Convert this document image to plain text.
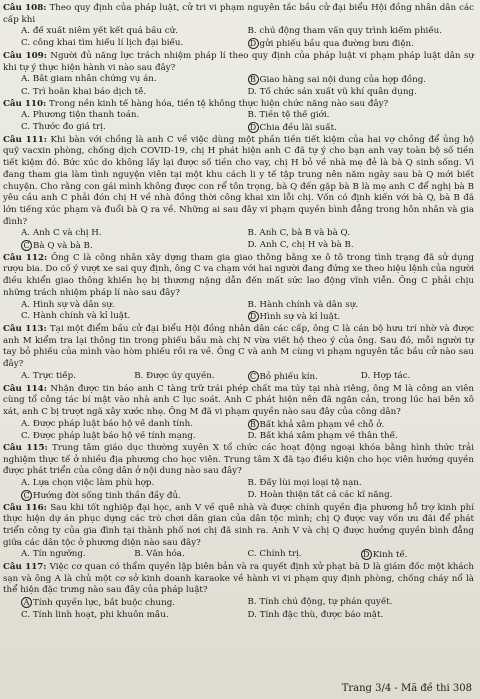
Câu 108: Theo quy định của pháp luật, cử tri vi phạm nguyên tắc bầu cử đại biểu Hội đồng nhân dân các cấp khi
A. để xuất niêm yết kết quả bầu cử.	B. chủ động tham vấn quy trình kiểm phiếu.
C. công khai tìm hiểu lí lịch đại biểu.	D gửi phiếu bầu qua đường bưu điện.
Câu 109: Người đủ năng lực trách nhiệm pháp lí theo quy định của pháp luật vi phạm pháp luật dân sự khi tự ý thực hiện hành vi nào sau đây?
A. Bắt giam nhân chứng vụ án.	B Giao hàng sai nội dung của hợp đồng.
C. Trì hoãn khai báo dịch tễ.	D. Tổ chức sản xuất vũ khí quân dụng.
Câu 110: Trong nền kinh tế hàng hóa, tiền tệ không thực hiện chức năng nào sau đây?
A. Phương tiện thanh toán.	B. Tiền tệ thế giới.
C. Thước đo giá trị.	D Chia đều lãi suất.
Câu 111: Khi bàn với chồng là anh C về việc dùng một phần tiền tiết kiệm của hai vợ chồng để ủng hộ quỹ vacxin phòng, chống dịch COVID-19, chị H phát hiện anh C đã tự ý cho bạn anh vay toàn bộ số tiền tiết kiệm đó. Bức xúc do không lấy lại được số tiền cho vay, chị H bỏ về nhà mẹ đẻ là bà Q sinh sống. Vì đang tham gia làm tình nguyện viên tại một khu cách li y tế tập trung nên năm ngày sau bà Q mới biết chuyện. Cho rằng con gái mình không được con rể tôn trọng, bà Q đến gặp bà B là mẹ anh C để nghị bà B yêu cầu anh C phải đón chị H về nhà đồng thời công khai xin lỗi chị. Vốn có định kiến với bà Q, bà B đã lớn tiếng xúc phạm và đuổi bà Q ra về. Những ai sau đây vi phạm quyền bình đẳng trong hôn nhân và gia đình?
A. Anh C và chị H.	B. Anh C, bà B và bà Q.
C Bà Q và bà B.	D. Anh C, chị H và bà B.
Câu 112: Ông C là công nhân xây dựng tham gia giao thông bằng xe ô tô trong tình trạng đã sử dụng rượu bia. Do cố ý vượt xe sai quy định, ông C va chạm với hai người đang đứng xe theo hiệu lệnh của người điều khiển giao thông khiến họ bị thương nặng dẫn đến mất sức lao động vĩnh viễn. Ông C phải chịu những trách nhiệm pháp lí nào sau đây?
A. Hình sự và dân sự.	B. Hành chính và dân sự.
C. Hành chính và kỉ luật.	D Hình sự và kỉ luật.
Câu 113: Tại một điểm bầu cử đại biểu Hội đồng nhân dân các cấp, ông C là cán bộ hưu trí nhờ và được anh M kiểm tra lại thông tin trong phiếu bầu mà chị N vừa viết hộ theo ý của ông. Sau đó, mỗi người tự tay bỏ phiếu của mình vào hòm phiếu rồi ra về. Ông C và anh M cùng vi phạm nguyên tắc bầu cử nào sau đây?
A. Trực tiếp.	B. Được ủy quyền.	C Bỏ phiếu kín.	D. Hợp tác.
Câu 114: Nhận được tin báo anh C tàng trữ trái phép chất ma túy tại nhà riêng, ông M là công an viên cùng tổ công tác bí mật vào nhà anh C lục soát. Anh C phát hiện nên đã ngăn cản, trong lúc hai bên xô xát, anh C bị trượt ngã xây xước nhẹ. Ông M đã vi phạm quyền nào sau đây của công dân?
A. Được pháp luật bảo hộ về danh tính.	B Bất khả xâm phạm về chỗ ở.
C. Được pháp luật bảo hộ về tính mạng.	D. Bất khả xâm phạm về thân thể.
Câu 115: Trung tâm giáo dục thường xuyên X tổ chức các hoạt động ngoại khóa bằng hình thức trải nghiệm thực tế ở nhiều địa phương cho học viên. Trung tâm X đã tạo điều kiện cho học viên hướng quyền được phát triển của công dân ở nội dung nào sau đây?
A. Lựa chọn việc làm phù hợp.	B. Đẩy lùi mọi loại tệ nạn.
C Hướng đời sống tinh thần đầy đủ.	D. Hoàn thiện tất cả các kĩ năng.
Câu 116: Sau khi tốt nghiệp đại học, anh V về quê nhà và được chính quyền địa phương hỗ trợ kinh phí thực hiện dự án phục dựng các trò chơi dân gian của dân tộc mình; chị Q được vay vốn ưu đãi để phát triển công ty của gia đình tại thành phố nơi chị đã sinh ra. Anh V và chị Q được hưởng quyền bình đẳng giữa các dân tộc ở phương diện nào sau đây?
A. Tín ngưỡng.	B. Văn hóa.	C. Chính trị.	D Kinh tế.
Câu 117: Việc cơ quan có thẩm quyền lập biên bản và ra quyết định xử phạt bà D là giám đốc một khách sạn và ông A là chủ một cơ sở kinh doanh karaoke về hành vi vi phạm quy định phòng, chống cháy nổ là thể hiện đặc trưng nào sau đây của pháp luật?
A Tính quyền lực, bắt buộc chung.	B. Tính chủ động, tự phán quyết.
C. Tính linh hoạt, phi khuôn mẫu.	D. Tính đặc thù, được bảo mật.
Trang 3/4 - Mã đề thi 308
